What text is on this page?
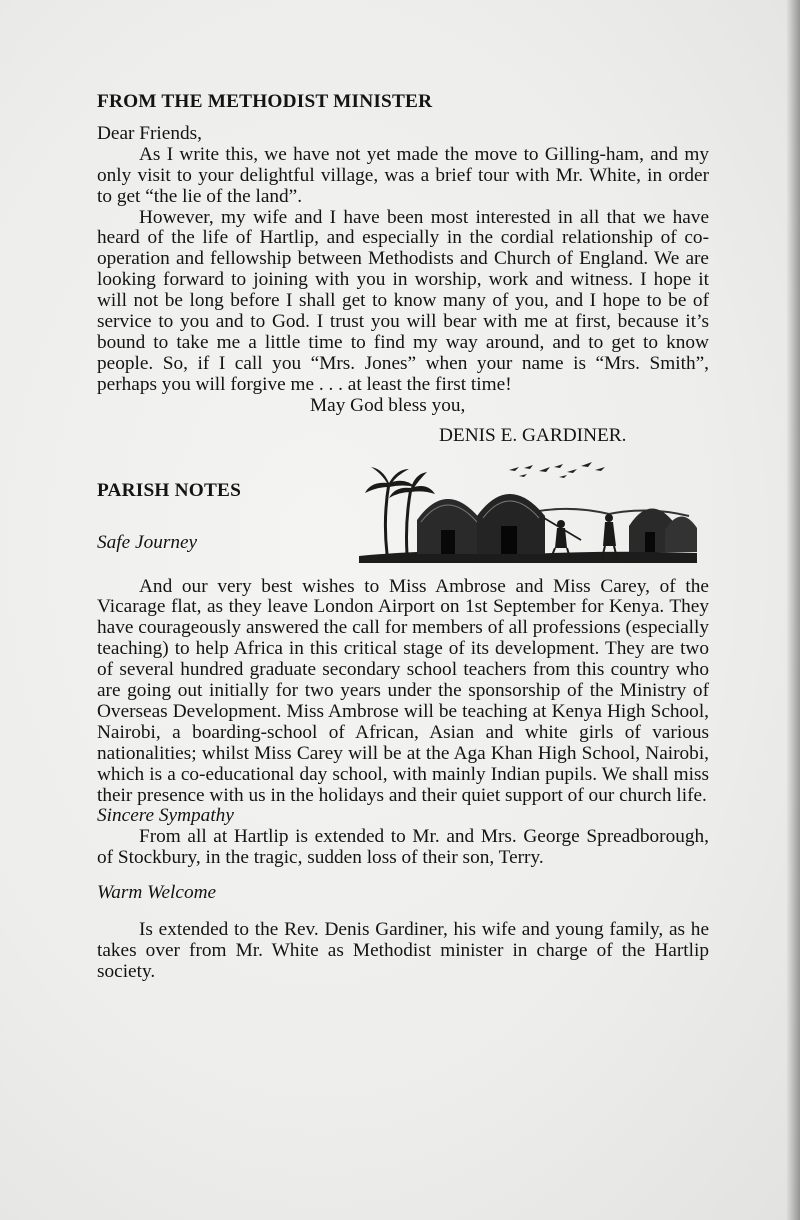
FROM THE METHODIST MINISTER

Dear Friends,

As I write this, we have not yet made the move to Gilling-ham, and my only visit to your delightful village, was a brief tour with Mr. White, in order to get “the lie of the land”.

However, my wife and I have been most interested in all that we have heard of the life of Hartlip, and especially in the cordial relationship of co-operation and fellowship between Methodists and Church of England. We are looking forward to joining with you in worship, work and witness. I hope it will not be long before I shall get to know many of you, and I hope to be of service to you and to God. I trust you will bear with me at first, because it’s bound to take me a little time to find my way around, and to get to know people. So, if I call you “Mrs. Jones” when your name is “Mrs. Smith”, perhaps you will forgive me . . . at least the first time!

May God bless you,

DENIS E. GARDINER.

PARISH NOTES

Safe Journey

And our very best wishes to Miss Ambrose and Miss Carey, of the Vicarage flat, as they leave London Airport on 1st September for Kenya. They have courageously answered the call for members of all professions (especially teaching) to help Africa in this critical stage of its development. They are two of several hundred graduate secondary school teachers from this country who are going out initially for two years under the sponsorship of the Ministry of Overseas Development. Miss Ambrose will be teaching at Kenya High School, Nairobi, a boarding-school of African, Asian and white girls of various nationalities; whilst Miss Carey will be at the Aga Khan High School, Nairobi, which is a co-educational day school, with mainly Indian pupils. We shall miss their presence with us in the holidays and their quiet support of our church life.

Sincere Sympathy

From all at Hartlip is extended to Mr. and Mrs. George Spreadborough, of Stockbury, in the tragic, sudden loss of their son, Terry.

Warm Welcome

Is extended to the Rev. Denis Gardiner, his wife and young family, as he takes over from Mr. White as Methodist minister in charge of the Hartlip society.
